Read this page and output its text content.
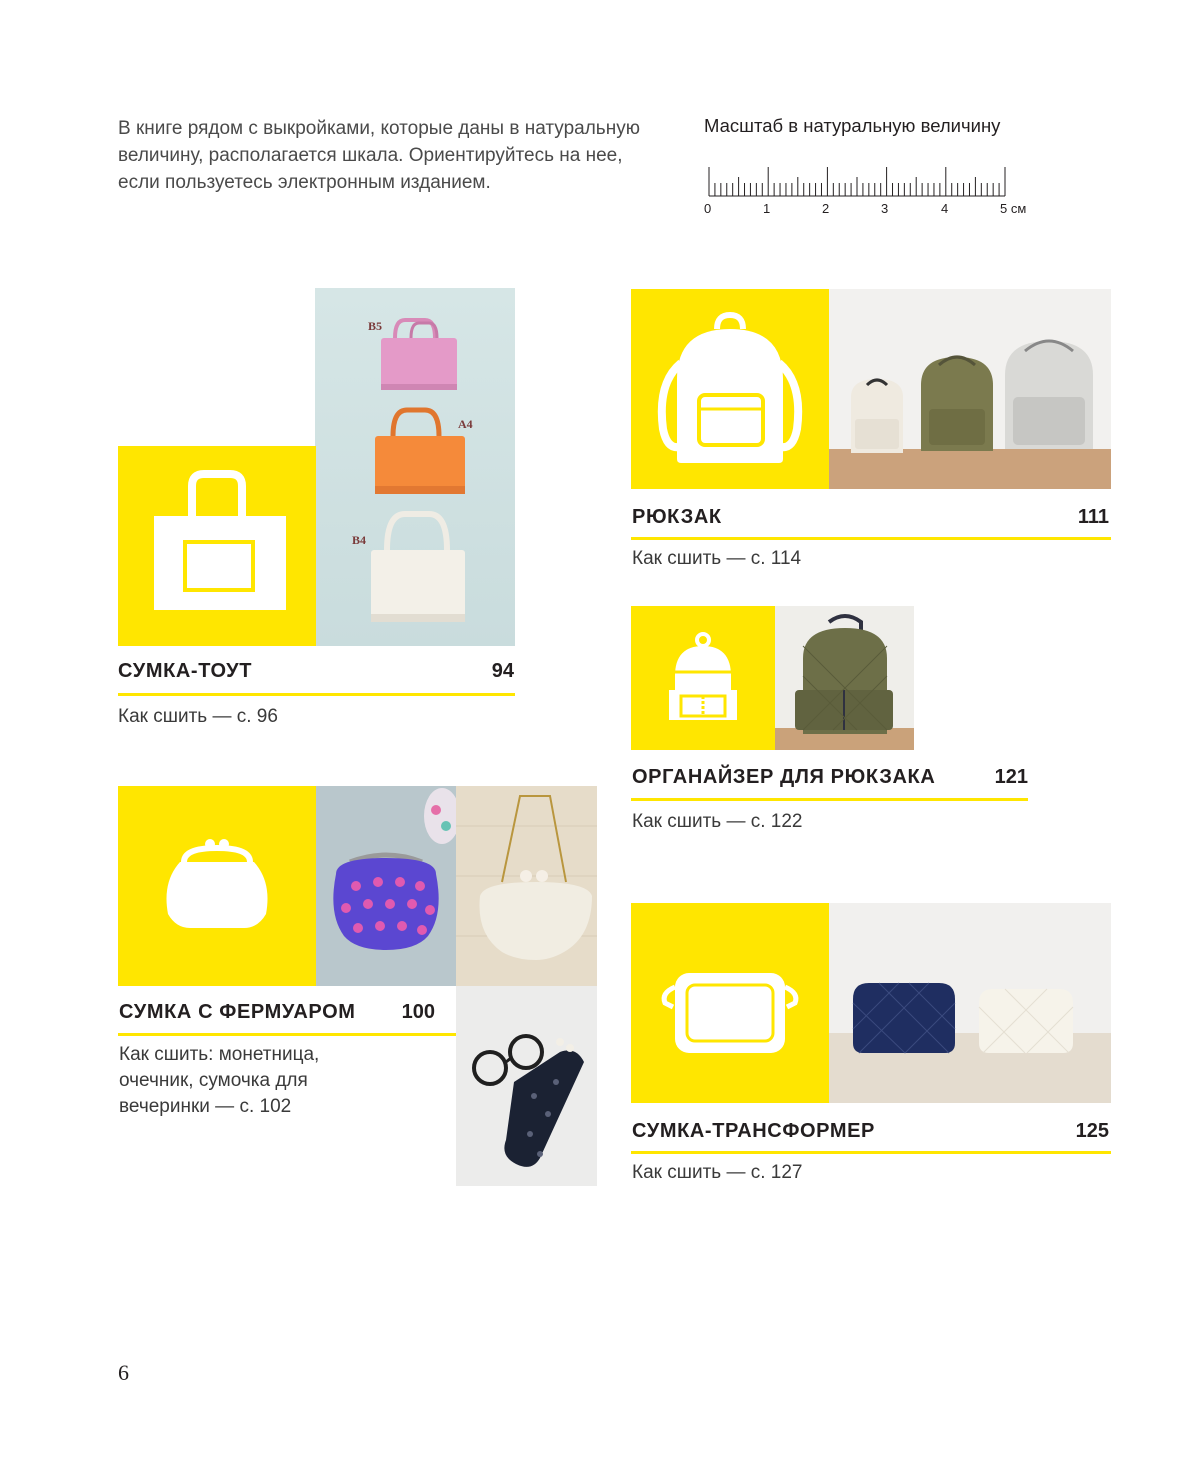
В книге рядом с выкройками, которые даны в натуральную
величину, располагается шкала. Ориентируйтесь на нее,
если пользуетесь электронным изданием.
Масштаб в натуральную величину
0	1	2	3	4	5 см
B5
A4
B4
СУМКА-ТОУТ	94
Как сшить — с. 96
РЮКЗАК	111
Как сшить — с. 114
ОРГАНАЙЗЕР ДЛЯ РЮКЗАКА	121
Как сшить — с. 122
СУМКА С ФЕРМУАРОМ	100
Как сшить: монетница,
очечник, сумочка для
вечеринки — с. 102
СУМКА-ТРАНСФОРМЕР	125
Как сшить — с. 127
6
